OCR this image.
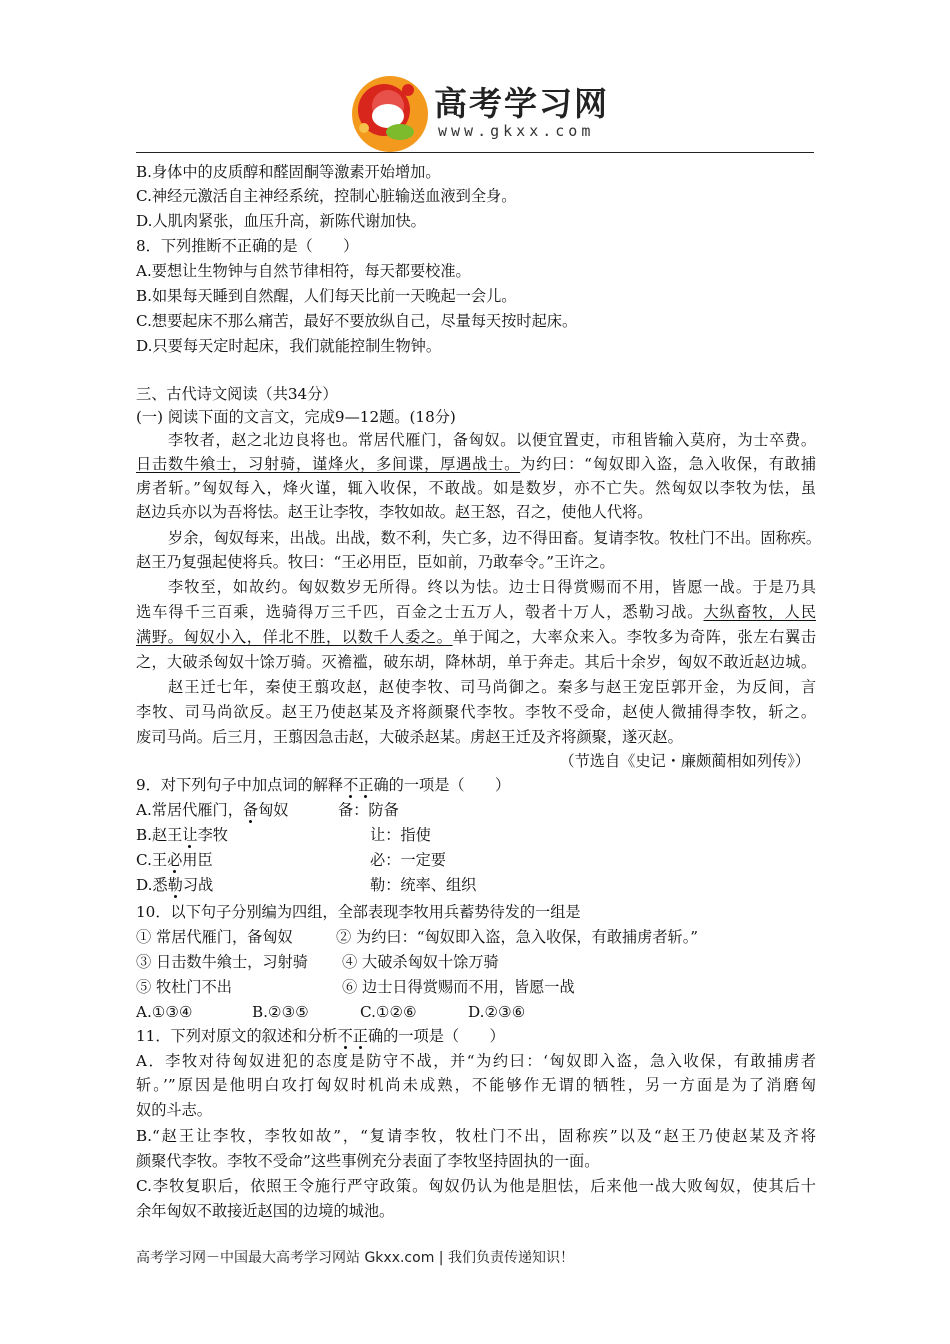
高考学习网
www.gkxx.com
B.身体中的皮质醇和醛固酮等激素开始增加。
C.神经元激活自主神经系统，控制心脏输送血液到全身。
D.人肌肉紧张，血压升高，新陈代谢加快。
8．下列推断不正确的是（　　）
A.要想让生物钟与自然节律相符，每天都要校准。
B.如果每天睡到自然醒，人们每天比前一天晚起一会儿。
C.想要起床不那么痛苦，最好不要放纵自己，尽量每天按时起床。
D.只要每天定时起床，我们就能控制生物钟。
三、古代诗文阅读（共34分）
(一) 阅读下面的文言文，完成9—12题。(18分)
李牧者，赵之北边良将也。常居代雁门，备匈奴。以便宜置吏，市租皆输入莫府，为士卒费。
日击数牛飨士，习射骑，谨烽火，多间谍，厚遇战士。为约曰：“匈奴即入盗，急入收保，有敢捕
虏者斩。”匈奴每入，烽火谨，辄入收保，不敢战。如是数岁，亦不亡失。然匈奴以李牧为怯，虽
赵边兵亦以为吾将怯。赵王让李牧，李牧如故。赵王怒，召之，使他人代将。
岁余，匈奴每来，出战。出战，数不利，失亡多，边不得田畜。复请李牧。牧杜门不出。固称疾。
赵王乃复强起使将兵。牧曰：“王必用臣，臣如前，乃敢奉令。”王许之。
李牧至，如故约。匈奴数岁无所得。终以为怯。边士日得赏赐而不用，皆愿一战。于是乃具
选车得千三百乘，选骑得万三千匹，百金之士五万人，彀者十万人，悉勒习战。大纵畜牧，人民
满野。匈奴小入，佯北不胜，以数千人委之。单于闻之，大率众来入。李牧多为奇阵，张左右翼击
之，大破杀匈奴十馀万骑。灭襜褴，破东胡，降林胡，单于奔走。其后十余岁，匈奴不敢近赵边城。
赵王迁七年，秦使王翦攻赵，赵使李牧、司马尚御之。秦多与赵王宠臣郭开金，为反间，言
李牧、司马尚欲反。赵王乃使赵某及齐将颜聚代李牧。李牧不受命，赵使人微捕得李牧，斩之。
废司马尚。后三月，王翦因急击赵，大破杀赵某。虏赵王迁及齐将颜聚，遂灭赵。
（节选自《史记・廉颇蔺相如列传》）
9．对下列句子中加点词的解释不正确的一项是（　　）
A.常居代雁门，备匈奴	备：防备
B.赵王让李牧	让：指使
C.王必用臣	必：一定要
D.悉勒习战	勒：统率、组织
10．以下句子分别编为四组，全部表现李牧用兵蓄势待发的一组是
① 常居代雁门，备匈奴	② 为约曰：“匈奴即入盗，急入收保，有敢捕虏者斩。”
③ 日击数牛飨士，习射骑 ④ 大破杀匈奴十馀万骑
⑤ 牧杜门不出	⑥ 边士日得赏赐而不用，皆愿一战
A.①③④	B.②③⑤	C.①②⑥	D.②③⑥
11．下列对原文的叙述和分析不正确的一项是（　　）
A．李牧对待匈奴进犯的态度是防守不战，并“为约曰：‘匈奴即入盗，急入收保，有敢捕虏者
斩。’”原因是他明白攻打匈奴时机尚未成熟，不能够作无谓的牺牲，另一方面是为了消磨匈
奴的斗志。
B.“赵王让李牧，李牧如故”，“复请李牧，牧杜门不出，固称疾”以及“赵王乃使赵某及齐将
颜聚代李牧。李牧不受命”这些事例充分表面了李牧坚持固执的一面。
C.李牧复职后，依照王令施行严守政策。匈奴仍认为他是胆怯，后来他一战大败匈奴，使其后十
余年匈奴不敢接近赵国的边境的城池。
高考学习网－中国最大高考学习网站 Gkxx.com | 我们负责传递知识！
